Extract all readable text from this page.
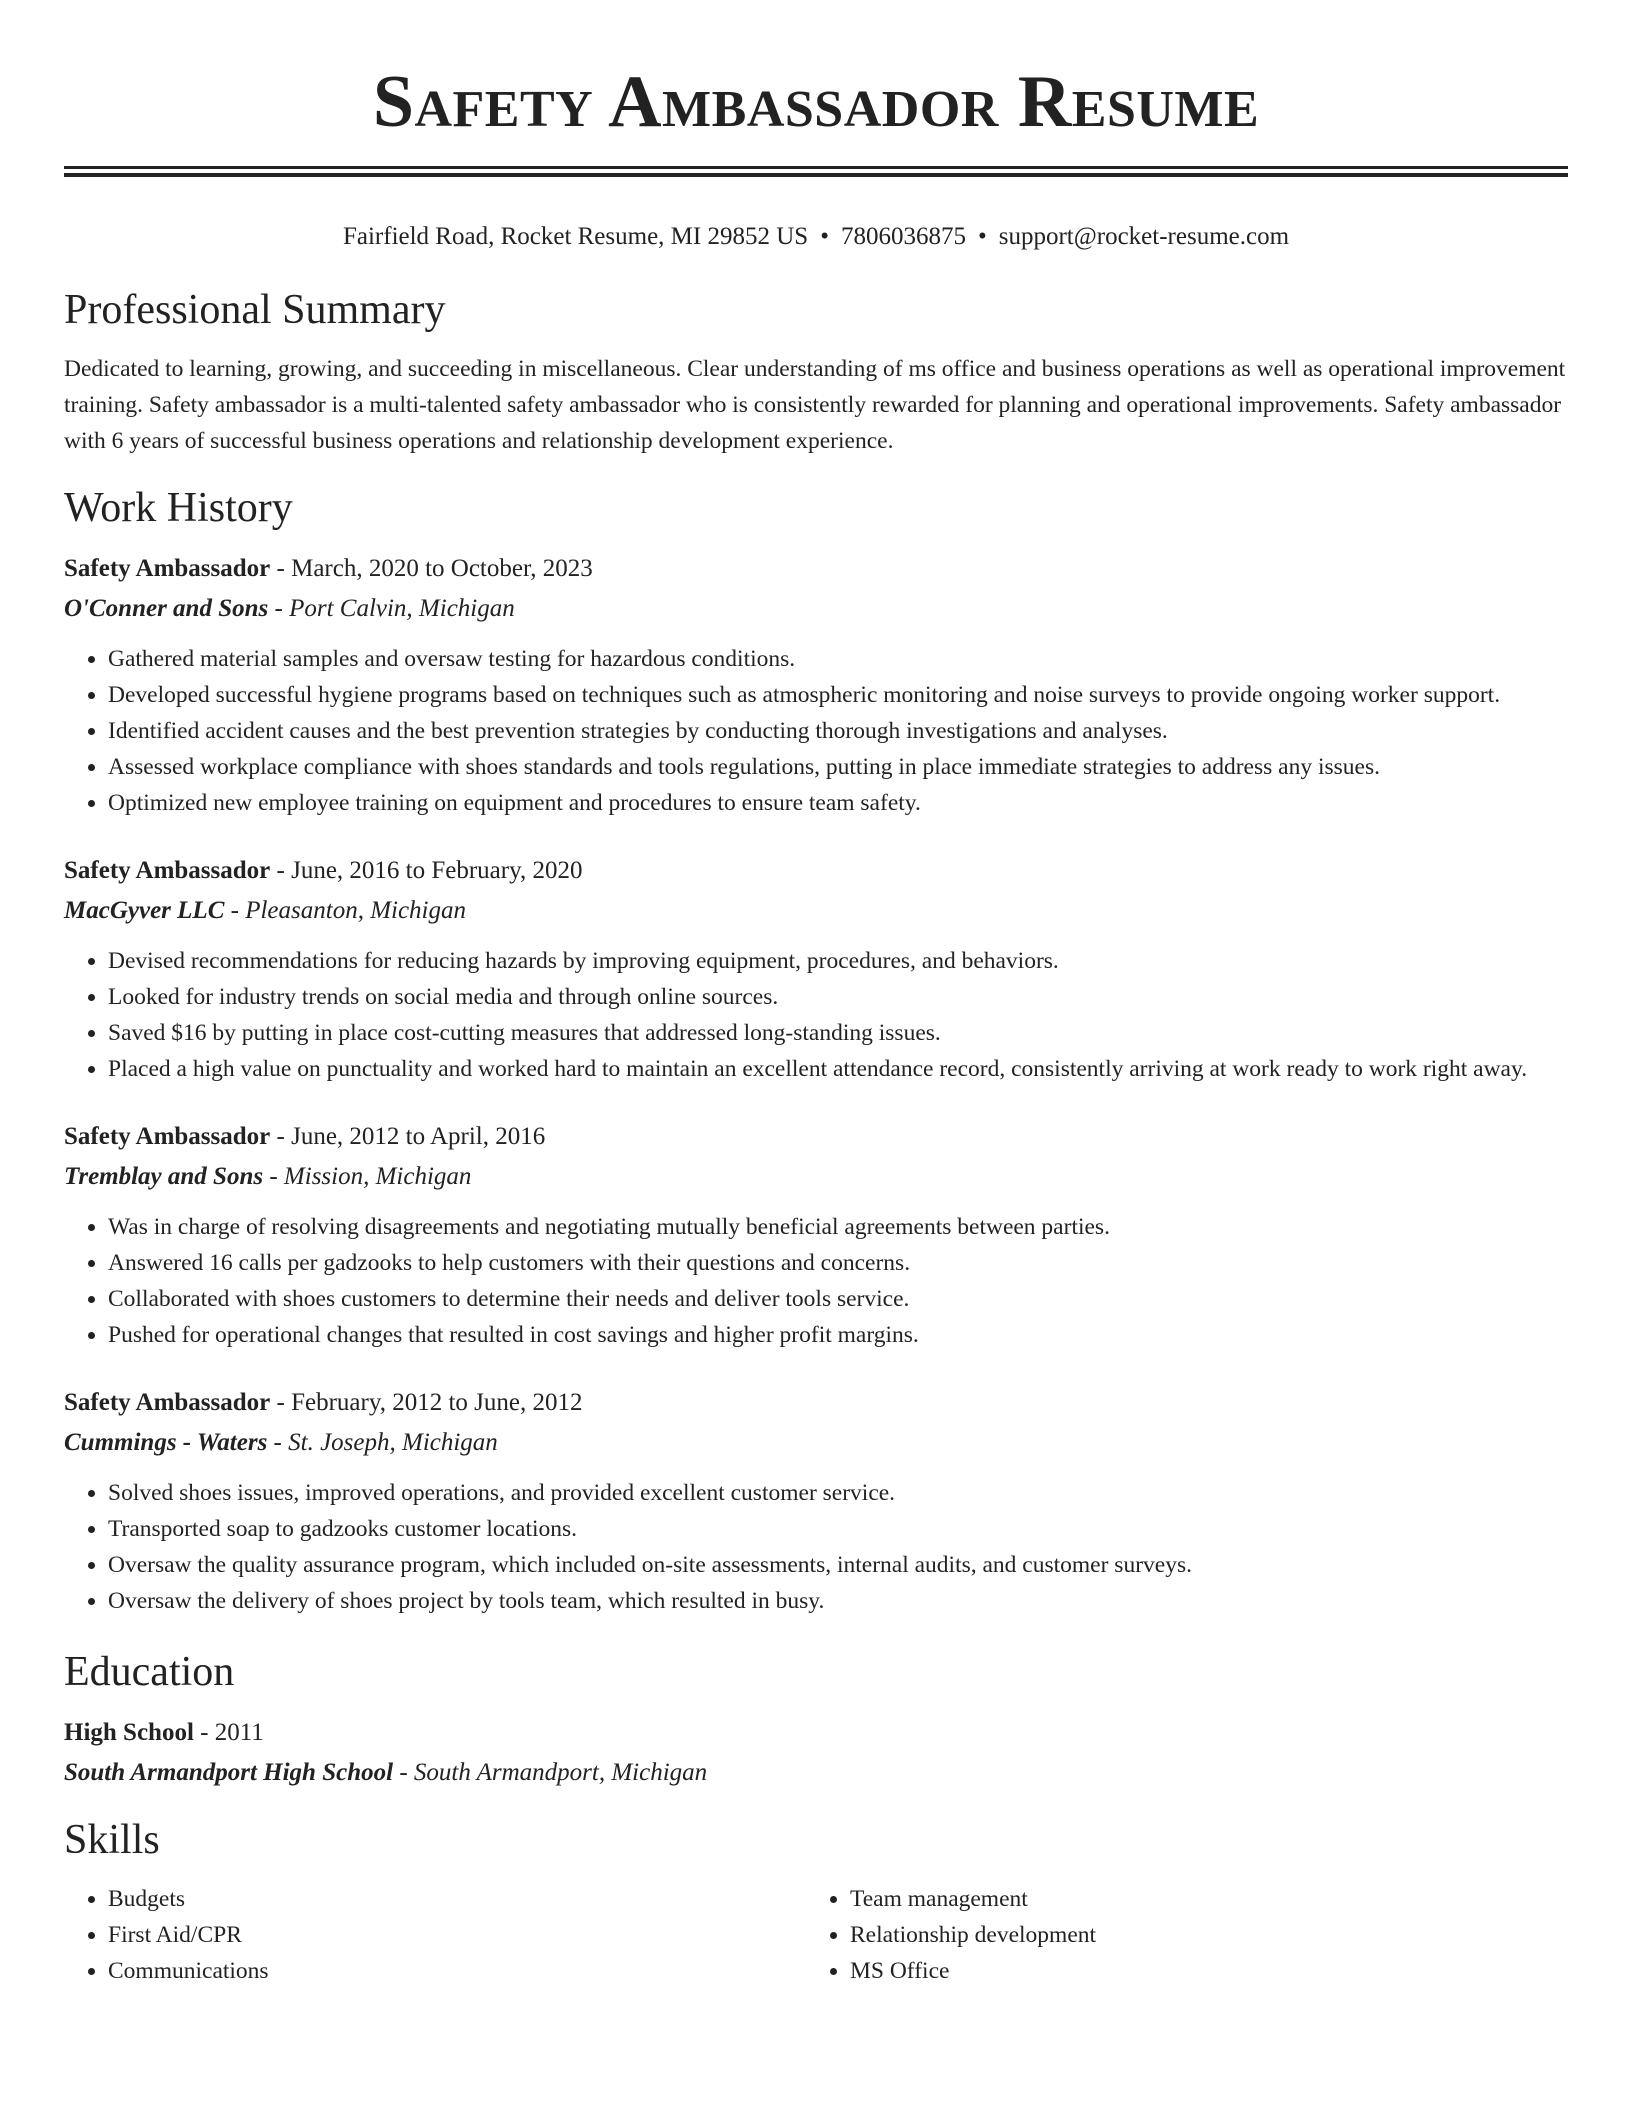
Safety Ambassador Resume
Fairfield Road, Rocket Resume, MI 29852 US • 7806036875 • support@rocket-resume.com
Professional Summary

Dedicated to learning, growing, and succeeding in miscellaneous. Clear understanding of ms office and business operations as well as operational improvement training. Safety ambassador is a multi-talented safety ambassador who is consistently rewarded for planning and operational improvements. Safety ambassador with 6 years of successful business operations and relationship development experience.

Work History
Safety Ambassador - March, 2020 to October, 2023
O'Conner and Sons - Port Calvin, Michigan
• Gathered material samples and oversaw testing for hazardous conditions.
• Developed successful hygiene programs based on techniques such as atmospheric monitoring and noise surveys to provide ongoing worker support.
• Identified accident causes and the best prevention strategies by conducting thorough investigations and analyses.
• Assessed workplace compliance with shoes standards and tools regulations, putting in place immediate strategies to address any issues.
• Optimized new employee training on equipment and procedures to ensure team safety.
Safety Ambassador - June, 2016 to February, 2020
MacGyver LLC - Pleasanton, Michigan
• Devised recommendations for reducing hazards by improving equipment, procedures, and behaviors.
• Looked for industry trends on social media and through online sources.
• Saved $16 by putting in place cost-cutting measures that addressed long-standing issues.
• Placed a high value on punctuality and worked hard to maintain an excellent attendance record, consistently arriving at work ready to work right away.
Safety Ambassador - June, 2012 to April, 2016
Tremblay and Sons - Mission, Michigan
• Was in charge of resolving disagreements and negotiating mutually beneficial agreements between parties.
• Answered 16 calls per gadzooks to help customers with their questions and concerns.
• Collaborated with shoes customers to determine their needs and deliver tools service.
• Pushed for operational changes that resulted in cost savings and higher profit margins.
Safety Ambassador - February, 2012 to June, 2012
Cummings - Waters - St. Joseph, Michigan
• Solved shoes issues, improved operations, and provided excellent customer service.
• Transported soap to gadzooks customer locations.
• Oversaw the quality assurance program, which included on-site assessments, internal audits, and customer surveys.
• Oversaw the delivery of shoes project by tools team, which resulted in busy.
Education
High School - 2011
South Armandport High School - South Armandport, Michigan
Skills
• Budgets
• First Aid/CPR
• Communications
• Team management
• Relationship development
• MS Office
